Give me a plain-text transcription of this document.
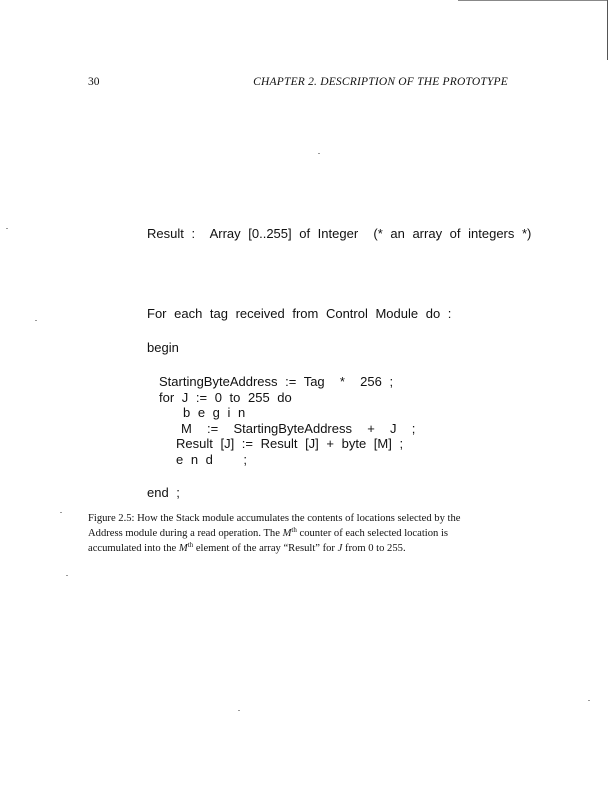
30	CHAPTER 2. DESCRIPTION OF THE PROTOTYPE
Result :  Array [0..255] of Integer  (* an array of integers *)
For each tag received from Control Module do :
begin
StartingByteAddress := Tag  *  256 ;
for J := 0 to 255 do
b e g i n
M  :=  StartingByteAddress  +  J  ;
Result [J] := Result [J] + byte [M] ;
e n d    ;
end ;
Figure 2.5: How the Stack module accumulates the contents of locations selected by the
Address module during a read operation. The Mth counter of each selected location is
accumulated into the Mth element of the array “Result” for J from 0 to 255.
